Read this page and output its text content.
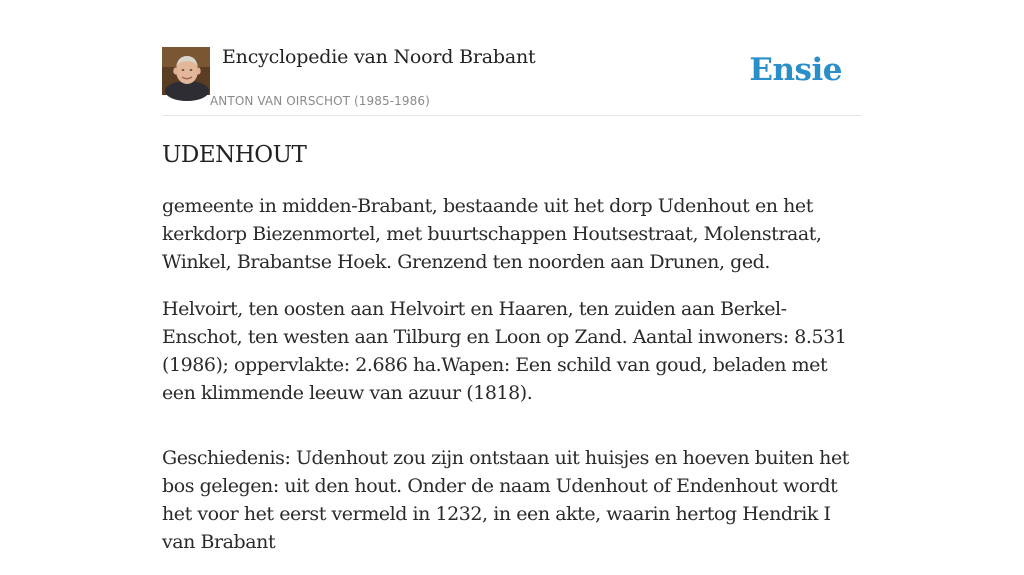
Encyclopedie van Noord Brabant
ANTON VAN OIRSCHOT (1985-1986)
Ensie
UDENHOUT

gemeente in midden-Brabant, bestaande uit het dorp Udenhout en het kerkdorp Biezenmortel, met buurtschappen Houtsestraat, Molenstraat, Winkel, Brabantse Hoek. Grenzend ten noorden aan Drunen, ged.

Helvoirt, ten oosten aan Helvoirt en Haaren, ten zuiden aan Berkel-Enschot, ten westen aan Tilburg en Loon op Zand. Aantal inwoners: 8.531 (1986); oppervlakte: 2.686 ha.Wapen: Een schild van goud, beladen met een klimmende leeuw van azuur (1818).

Geschiedenis: Udenhout zou zijn ontstaan uit huisjes en hoeven buiten het bos gelegen: uit den hout. Onder de naam Udenhout of Endenhout wordt het voor het eerst vermeld in 1232, in een akte, waarin hertog Hendrik I van Brabant
